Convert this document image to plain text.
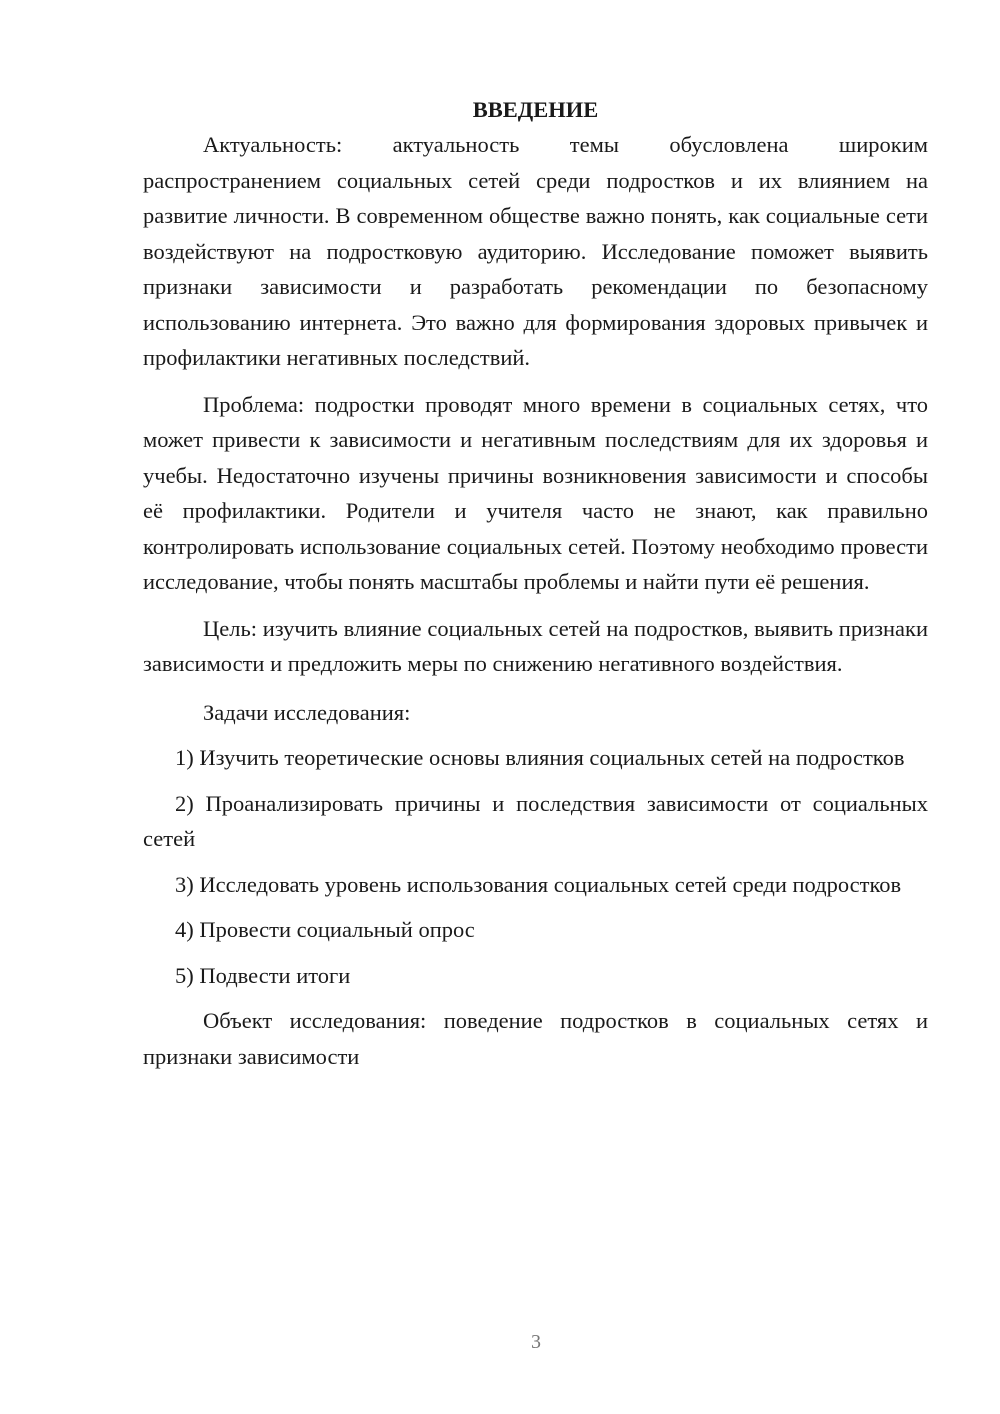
ВВЕДЕНИЕ

Актуальность: актуальность темы обусловлена широким распространением социальных сетей среди подростков и их влиянием на развитие личности. В современном обществе важно понять, как социальные сети воздействуют на подростковую аудиторию. Исследование поможет выявить признаки зависимости и разработать рекомендации по безопасному использованию интернета. Это важно для формирования здоровых привычек и профилактики негативных последствий.

Проблема: подростки проводят много времени в социальных сетях, что может привести к зависимости и негативным последствиям для их здоровья и учебы. Недостаточно изучены причины возникновения зависимости и способы её профилактики. Родители и учителя часто не знают, как правильно контролировать использование социальных сетей. Поэтому необходимо провести исследование, чтобы понять масштабы проблемы и найти пути её решения.

Цель: изучить влияние социальных сетей на подростков, выявить признаки зависимости и предложить меры по снижению негативного воздействия.

Задачи исследования:

1) Изучить теоретические основы влияния социальных сетей на подростков
2) Проанализировать причины и последствия зависимости от социальных сетей
3) Исследовать уровень использования социальных сетей среди подростков
4) Провести социальный опрос
5) Подвести итоги

Объект исследования: поведение подростков в социальных сетях и признаки зависимости

3
